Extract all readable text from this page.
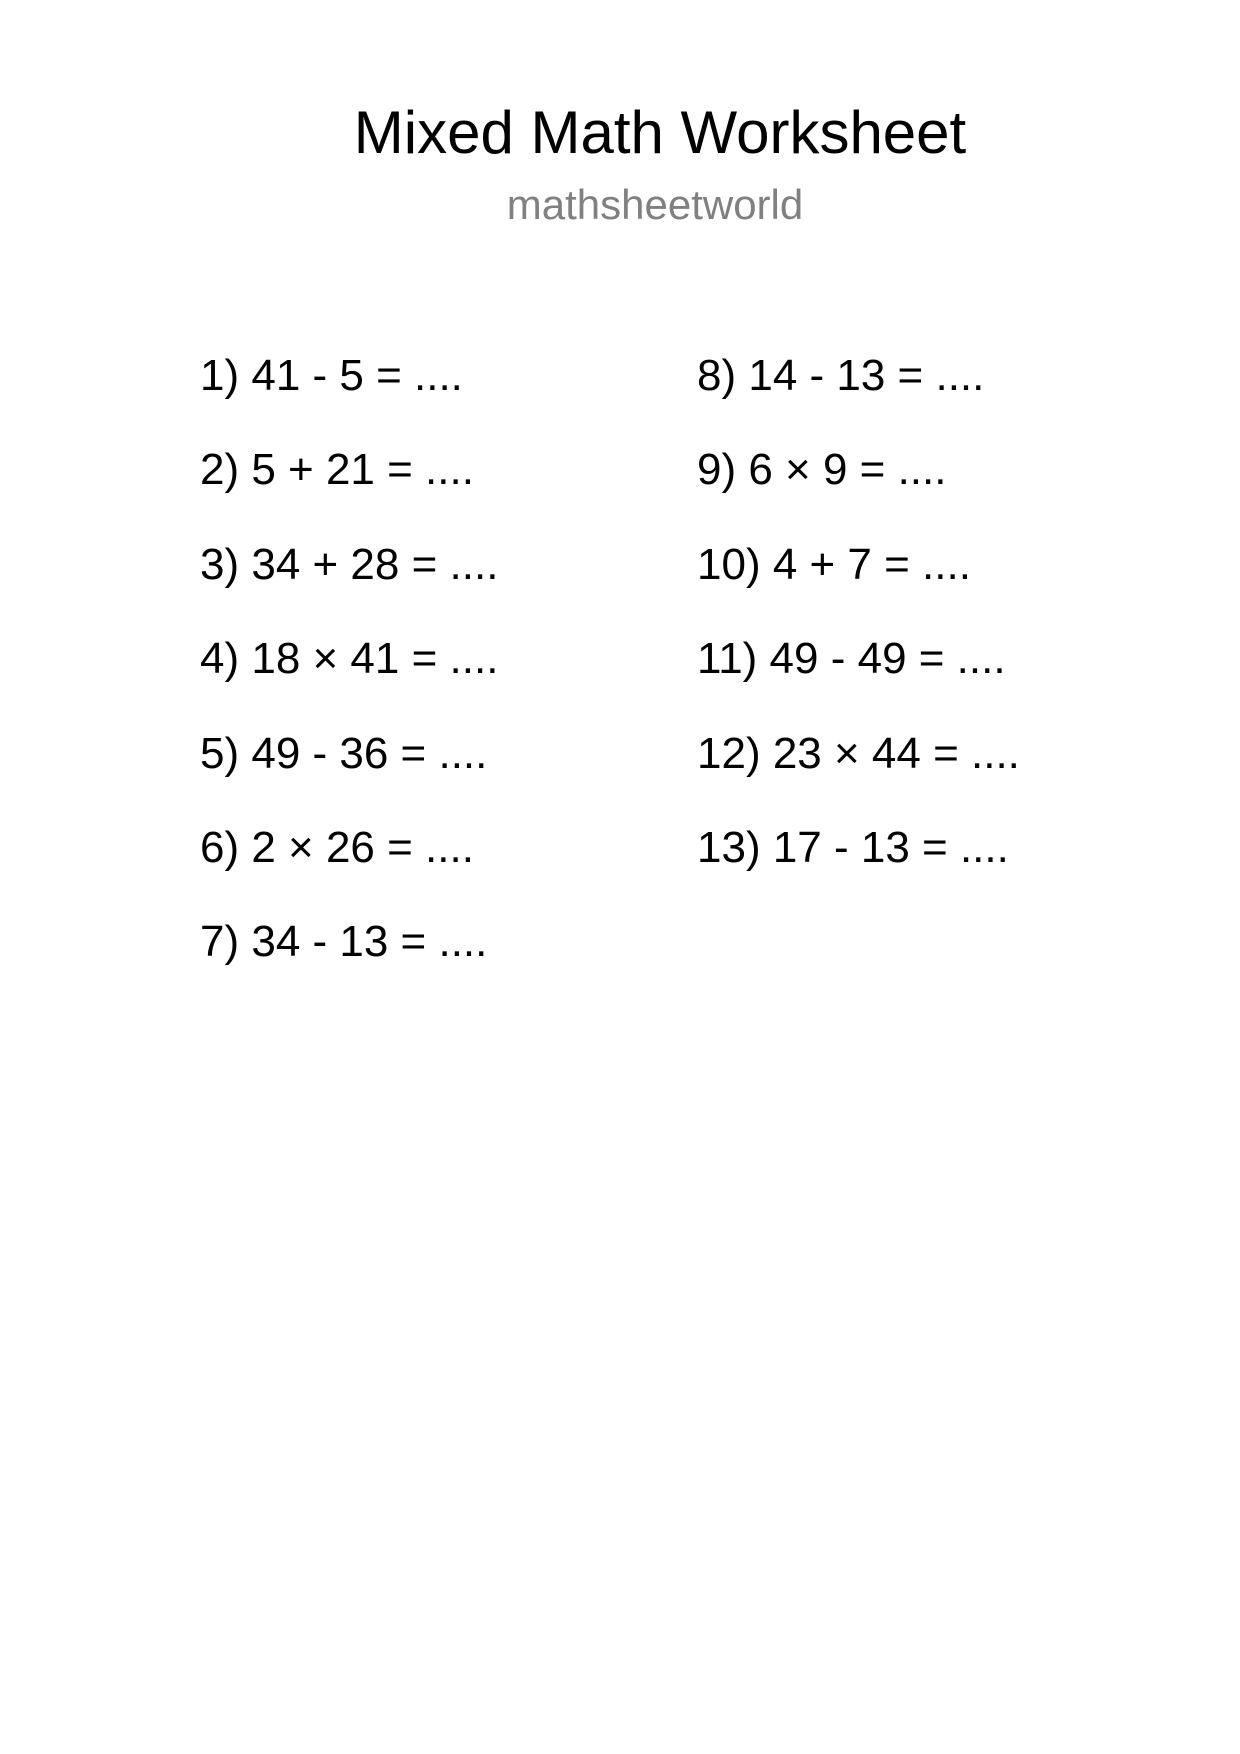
Mixed Math Worksheet
mathsheetworld
1) 41 - 5 = ....
2) 5 + 21 = ....
3) 34 + 28 = ....
4) 18 × 41 = ....
5) 49 - 36 = ....
6) 2 × 26 = ....
7) 34 - 13 = ....
8) 14 - 13 = ....
9) 6 × 9 = ....
10) 4 + 7 = ....
11) 49 - 49 = ....
12) 23 × 44 = ....
13) 17 - 13 = ....
